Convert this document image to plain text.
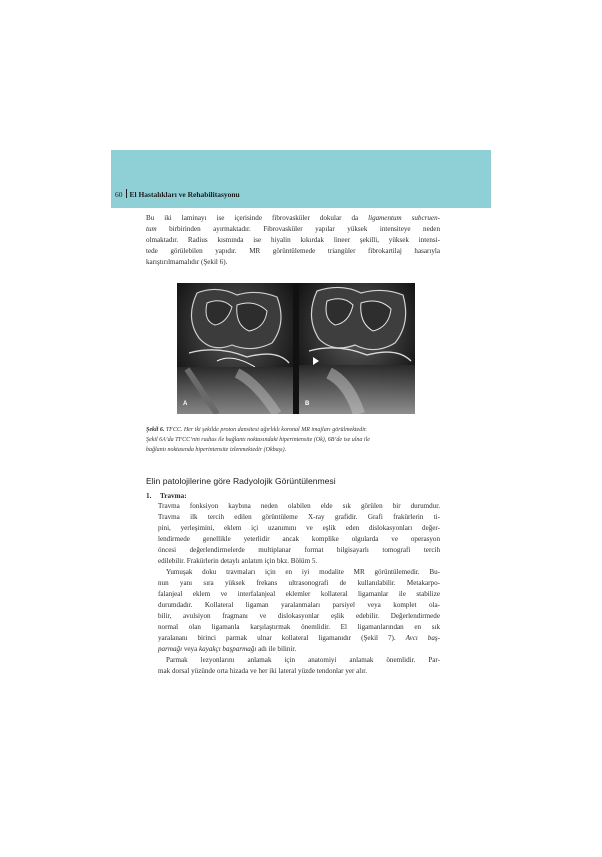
60 El Hastalıkları ve Rehabilitasyonu
Bu iki laminayı ise içerisinde fibrovasküler dokular da ligamentum subcruen-
tum birbirinden ayırmaktadır. Fibrovasküler yapılar yüksek intensiteye neden
olmaktadır. Radius kısmında ise hiyalin kıkırdak lineer şekilli, yüksek intensi-
tede görülebilen yapıdır. MR görüntülemede triangüler fibrokartilaj hasarıyla
karıştırılmamalıdır (Şekil 6).
A	B
Şekil 6. TFCC. Her iki şekilde proton dansitesi ağırlıklı koronal MR imajları görülmektedir.
Şekil 6A’da TFCC’nin radius ile bağlantı noktasındaki hiperintensite (Ok), 6B’de ise ulna ile
bağlantı noktasında hiperintensite izlenmektedir (Okbaşı).
Elin patolojilerine göre Radyolojik Görüntülenmesi
1. Travma:
Travma fonksiyon kaybına neden olabilen elde sık görülen bir durumdur.
Travma ilk tercih edilen görüntüleme X-ray grafidir. Grafi frakürlerin ti-
pini, yerleşimini, eklem içi uzanımını ve eşlik eden dislokasyonları değer-
lendirmede genellikle yeterlidir ancak komplike olgularda ve operasyon
öncesi değerlendirmelerde multiplanar format bilgisayarlı tomografi tercih
edilebilir. Frakürlerin detaylı anlatım için bkz. Bölüm 5.
Yumuşak doku travmaları için en iyi modalite MR görüntülemedir. Bu-
nun yanı sıra yüksek frekans ultrasonografi de kullanılabilir. Metakarpo-
falanjeal eklem ve interfalanjeal eklemler kollateral ligamanlar ile stabilize
durumdadır. Kollateral ligaman yaralanmaları parsiyel veya komplet ola-
bilir, avulsiyon fragmanı ve dislokasyonlar eşlik edebilir. Değerlendirmede
normal olan ligamanla karşılaştırmak önemlidir. El ligamanlarından en sık
yaralananı birinci parmak ulnar kollateral ligamanıdır (Şekil 7). Avcı baş-
parmağı veya kayakçı başparmağı adı ile bilinir.
Parmak lezyonlarını anlamak için anatomiyi anlamak önemlidir. Par-
mak dorsal yüzünde orta hizada ve her iki lateral yüzde tendonlar yer alır.
